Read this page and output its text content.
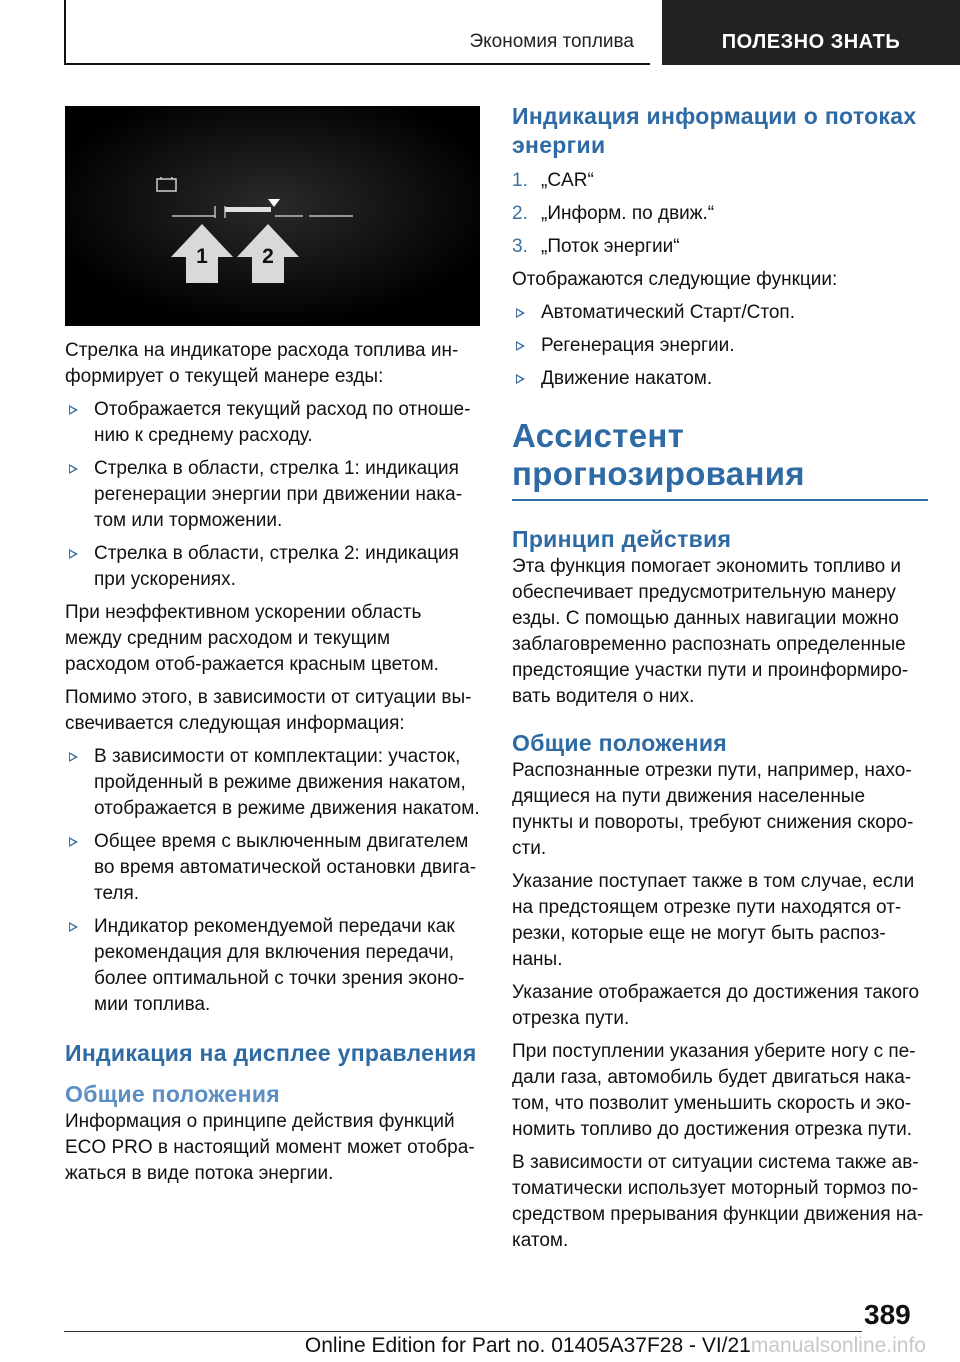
Экономия топлива	ПОЛЕЗНО ЗНАТЬ
1	2

Стрелка на индикаторе расхода топлива ин‐формирует о текущей манере езды:

Отображается текущий расход по отноше‐нию к среднему расходу.
Стрелка в области, стрелка 1: индикация регенерации энергии при движении нака‐том или торможении.
Стрелка в области, стрелка 2: индикация при ускорениях.

При неэффективном ускорении область между средним расходом и текущим расходом отоб‐ражается красным цветом.

Помимо этого, в зависимости от ситуации вы‐свечивается следующая информация:

В зависимости от комплектации: участок, пройденный в режиме движения накатом, отображается в режиме движения накатом.
Общее время с выключенным двигателем во время автоматической остановки двига‐теля.
Индикатор рекомендуемой передачи как рекомендация для включения передачи, более оптимальной с точки зрения эконо‐мии топлива.
Индикация на дисплее управления
Общие положения

Информация о принципе действия функций ECO PRO в настоящий момент может отобра‐жаться в виде потока энергии.

Индикация информации о потоках энергии
1. „CAR“
2. „Информ. по движ.“
3. „Поток энергии“

Отображаются следующие функции:

Автоматический Старт/Стоп.
Регенерация энергии.
Движение накатом.
Ассистент прогнозирования
Принцип действия

Эта функция помогает экономить топливо и обеспечивает предусмотрительную манеру езды. С помощью данных навигации можно заблаговременно распознать определенные предстоящие участки пути и проинформиро‐вать водителя о них.

Общие положения

Распознанные отрезки пути, например, нахо‐дящиеся на пути движения населенные пункты и повороты, требуют снижения скоро‐сти.

Указание поступает также в том случае, если на предстоящем отрезке пути находятся от‐резки, которые еще не могут быть распоз‐наны.

Указание отображается до достижения такого отрезка пути.

При поступлении указания уберите ногу с пе‐дали газа, автомобиль будет двигаться нака‐том, что позволит уменьшить скорость и эко‐номить топливо до достижения отрезка пути.

В зависимости от ситуации система также ав‐томатически использует моторный тормоз по‐средством прерывания функции движения на‐катом.

389
Online Edition for Part no. 01405A37F28 - VI/21manualsonline.info
